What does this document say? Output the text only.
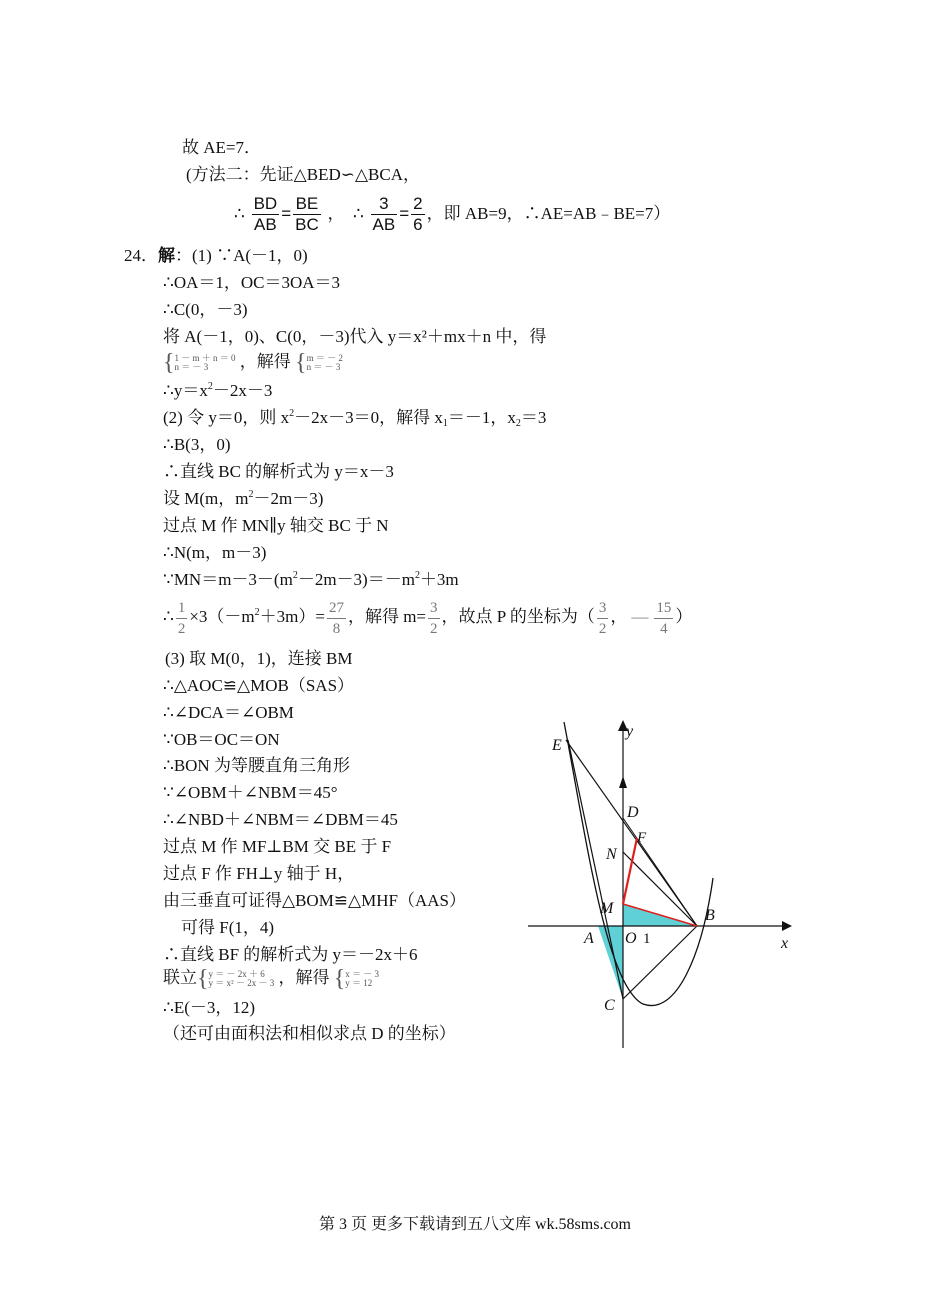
故 AE=7．
(方法二：先证△BED∽△BCA，
∴ $\frac{BD}{AB} = \frac{BE}{BC}$ ，　∴ $\frac{3}{AB} = \frac{2}{6}$ ，即 AB=9，∴AE=AB﹣BE=7）
24．解：(1) ∵A(－1，0)
∴OA＝1，OC＝3OA＝3
∴C(0，－3)
将 A(－1，0)、C(0，－3)代入 y＝x²＋mx＋n 中，得
{ 1 － m ＋ n ＝ 0
n ＝ － 3	，解得 { m ＝ － 2
n ＝ － 3
$\therefore y=x^2-2x-3$
(2) 令 y＝0，则 $x^2-2x-3=0$，解得 $x_1=-1$，$x_2=3$
∴B(3，0)
∴直线 BC 的解析式为 y＝x－3
设 M(m，$m^2-2m-3$)
过点 M 作 MN∥y 轴交 BC 于 N
∴N(m，m－3)
$\because MN=m-3-(m^2-2m-3)=-m^2+3m$
∴ $\frac{1}{2} \times 3(-m^2+3m)= \frac{27}{8}$ ，解得 $m= \frac{3}{2}$ ，故点 P 的坐标为（ $\frac{3}{2}$ ， — $\frac{15}{4}$ ）
(3) 取 M(0，1)，连接 BM
∴△AOC≌△MOB（SAS）
∴∠DCA＝∠OBM
∵OB＝OC＝ON
∴BON 为等腰直角三角形
∵∠OBM＋∠NBM＝45°
∴∠NBD＋∠NBM＝∠DBM＝45
过点 M 作 MF⊥BM 交 BE 于 F
过点 F 作 FH⊥y 轴于 H，
由三垂直可证得△BOM≌△MHF（AAS）
可得 F(1，4)
∴直线 BF 的解析式为 y＝－2x＋6
联立{ y ＝ － 2x ＋ 6
y ＝ x² － 2x － 3 ，解得 { x ＝ － 3
y ＝ 12
∴E(－3，12)
（还可由面积法和相似求点 D 的坐标）
E
y
D
F
N
M	B
A O 1	x
C
第 3 页 更多下载请到五八文库 wk.58sms.com
